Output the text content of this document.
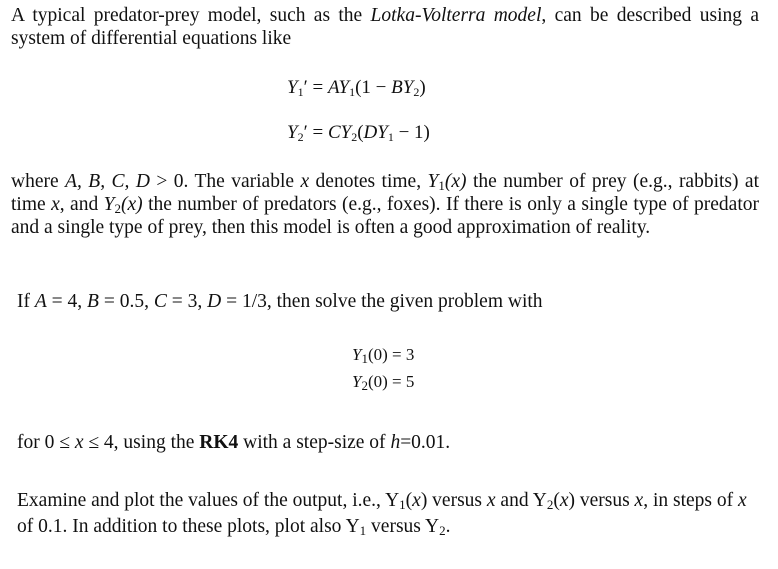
A typical predator-prey model, such as the Lotka-Volterra model, can be described using a system of differential equations like
$Y_1' = AY_1(1 - BY_2)$
$Y_2' = CY_2(DY_1 - 1)$
where A, B, C, D > 0. The variable x denotes time, Y1(x) the number of prey (e.g., rabbits) at time x, and Y2(x) the number of predators (e.g., foxes). If there is only a single type of predator and a single type of prey, then this model is often a good approximation of reality.
If A = 4, B = 0.5, C = 3, D = 1/3, then solve the given problem with
Y1(0) = 3
Y2(0) = 5
for 0 ≤ x ≤ 4, using the RK4 with a step-size of h=0.01.
Examine and plot the values of the output, i.e., Y1(x) versus x and Y2(x) versus x, in steps of x of 0.1. In addition to these plots, plot also Y1 versus Y2.
